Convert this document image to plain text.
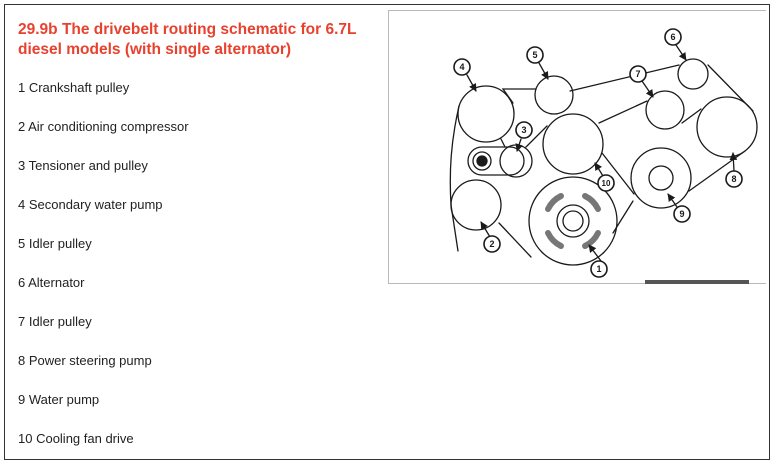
29.9b The drivebelt routing schematic for 6.7L diesel models (with single alternator)
1 Crankshaft pulley
2 Air conditioning compressor
3 Tensioner and pulley
4 Secondary water pump
5 Idler pulley
6 Alternator
7 Idler pulley
8 Power steering pump
9 Water pump
10 Cooling fan drive
1
2
3
4
5
6
7
8
9
10
